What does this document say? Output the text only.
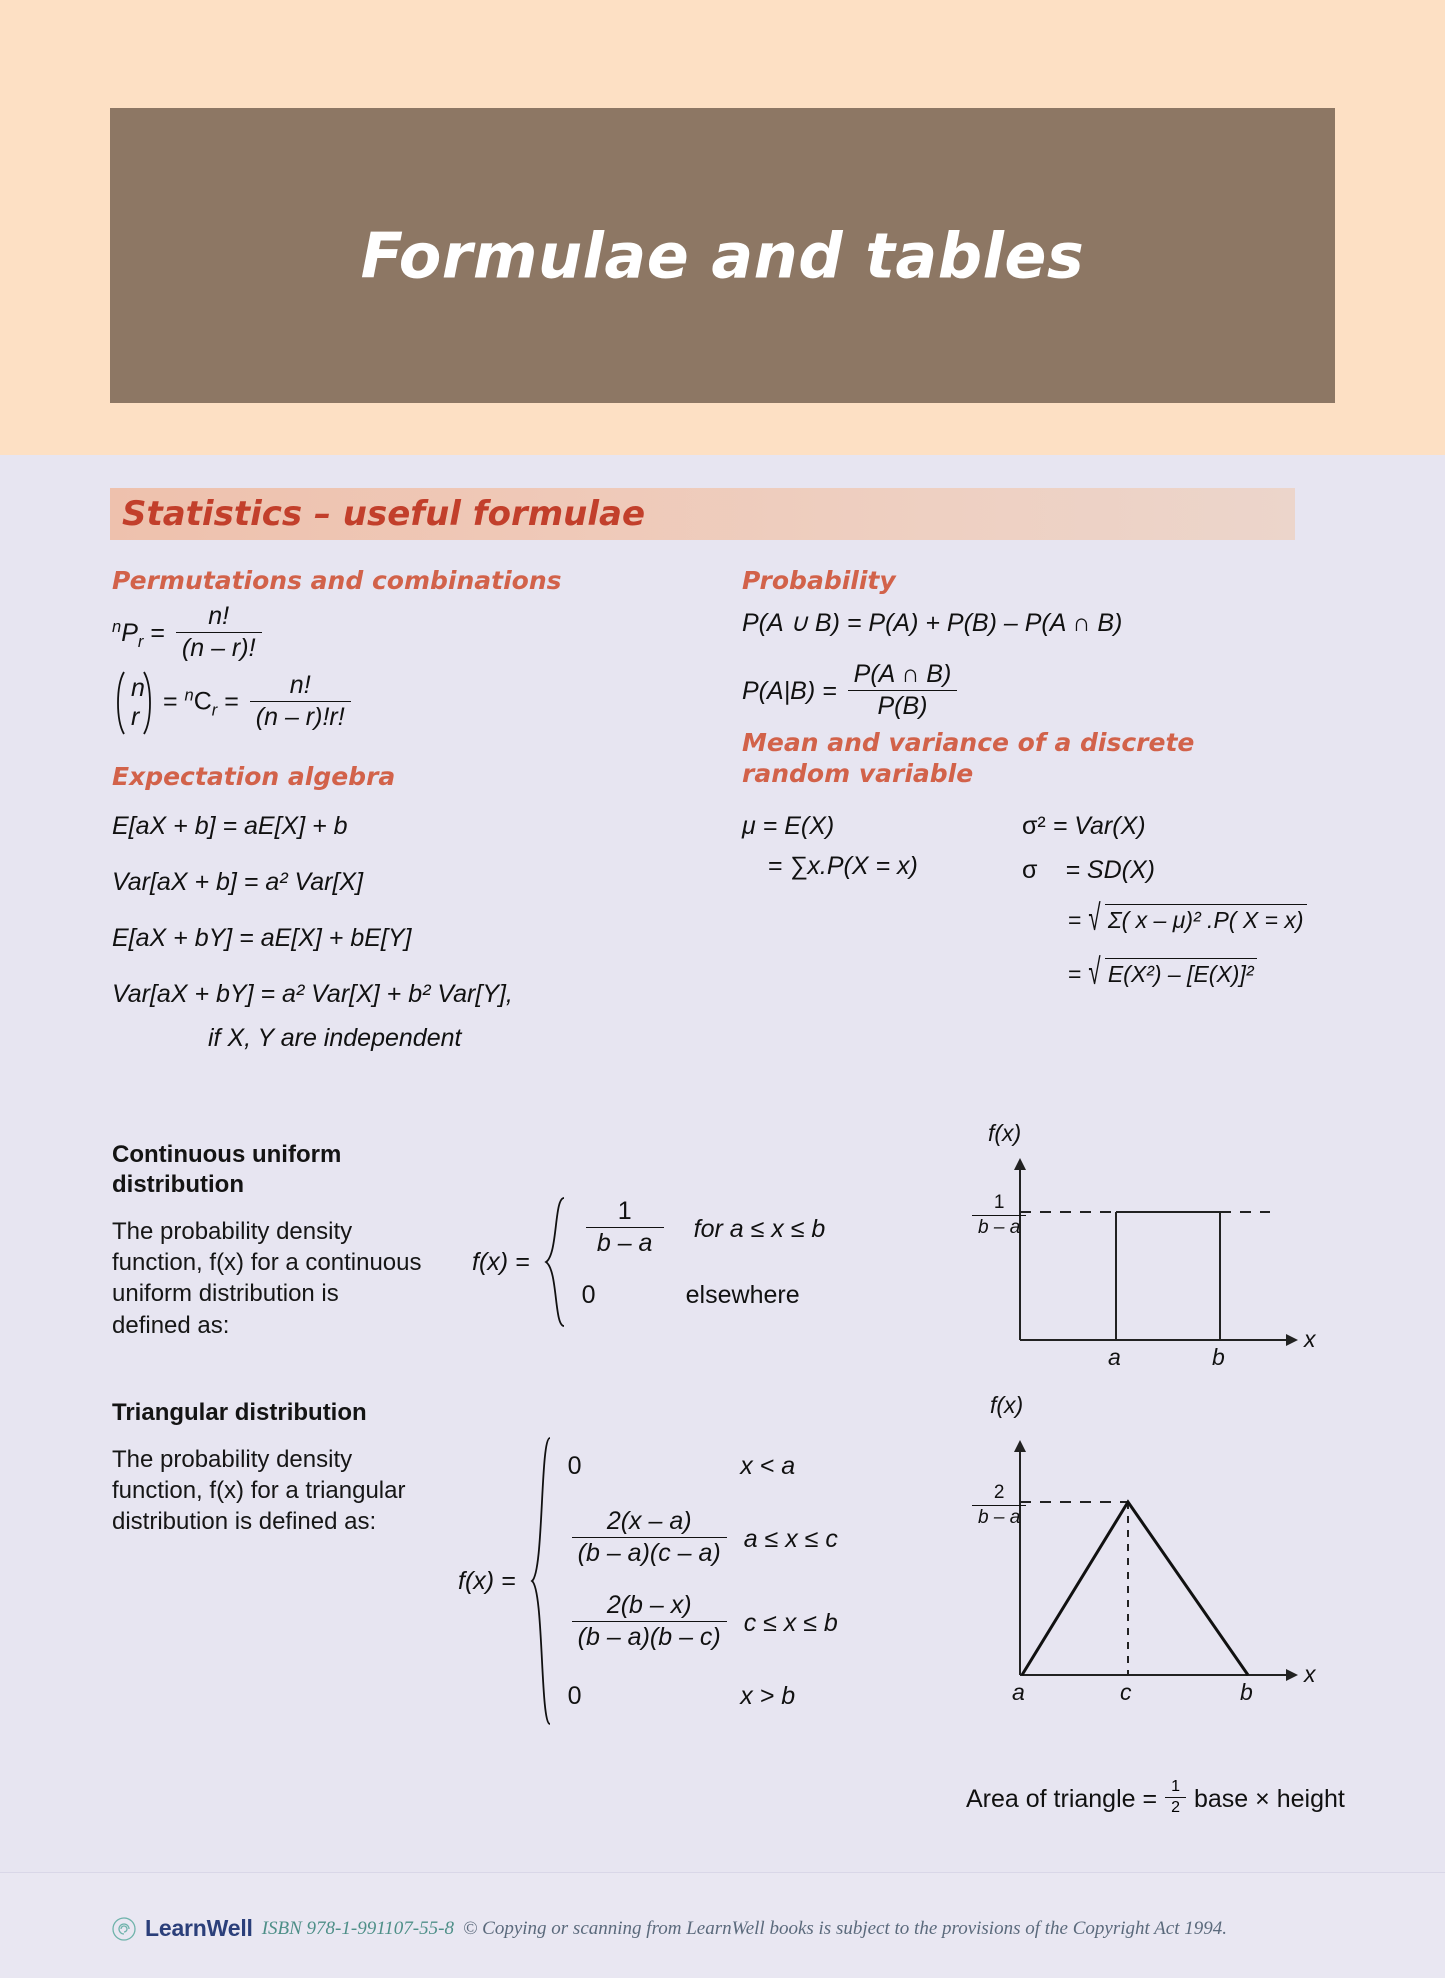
Formulae and tables
Statistics – useful formulae
Permutations and combinations
$^nP_r = \frac{n!}{(n - r)!}$
n
r
= $^nC_r = \frac{n!}{(n - r)!r!}$
Expectation algebra
E[aX + b] = aE[X] + b
Var[aX + b] = a² Var[X]
E[aX + bY] = aE[X] + bE[Y]
Var[aX + bY] = a² Var[X] + b² Var[Y],
if X, Y are independent
Probability
P(A ∪ B) = P(A) + P(B) – P(A ∩ B)
$P(A|B) = \frac{P(A \cap B)}{P(B)}$
Mean and variance of a discrete
random variable
μ = E(X)
= ∑x.P(X = x)
σ² = Var(X)
σ = SD(X)
= √ Σ( x – μ)² .P( X = x)
= √ E(X²) – [E(X)]²
Continuous uniform
distribution
The probability density
function, f(x) for a continuous
uniform distribution is
defined as:
f(x) =
$\frac{1}{b - a}$ for a ≤ x ≤ b
0	elsewhere
f(x)
x
$\frac{1}{b - a}$
a	b
Triangular distribution
The probability density
function, f(x) for a triangular
distribution is defined as:
f(x) =
0	x < a
$\frac{2(x - a)}{(b - a)(c - a)}$ a ≤ x ≤ c
$\frac{2(b - x)}{(b - a)(b - c)}$ c ≤ x ≤ b
0	x > b
f(x)
x
$\frac{2}{b - a}$
a	c	b
Area of triangle = $\frac{1}{2}$ base × height
LearnWell ISBN 978-1-991107-55-8 © Copying or scanning from LearnWell books is subject to the provisions of the Copyright Act 1994.
